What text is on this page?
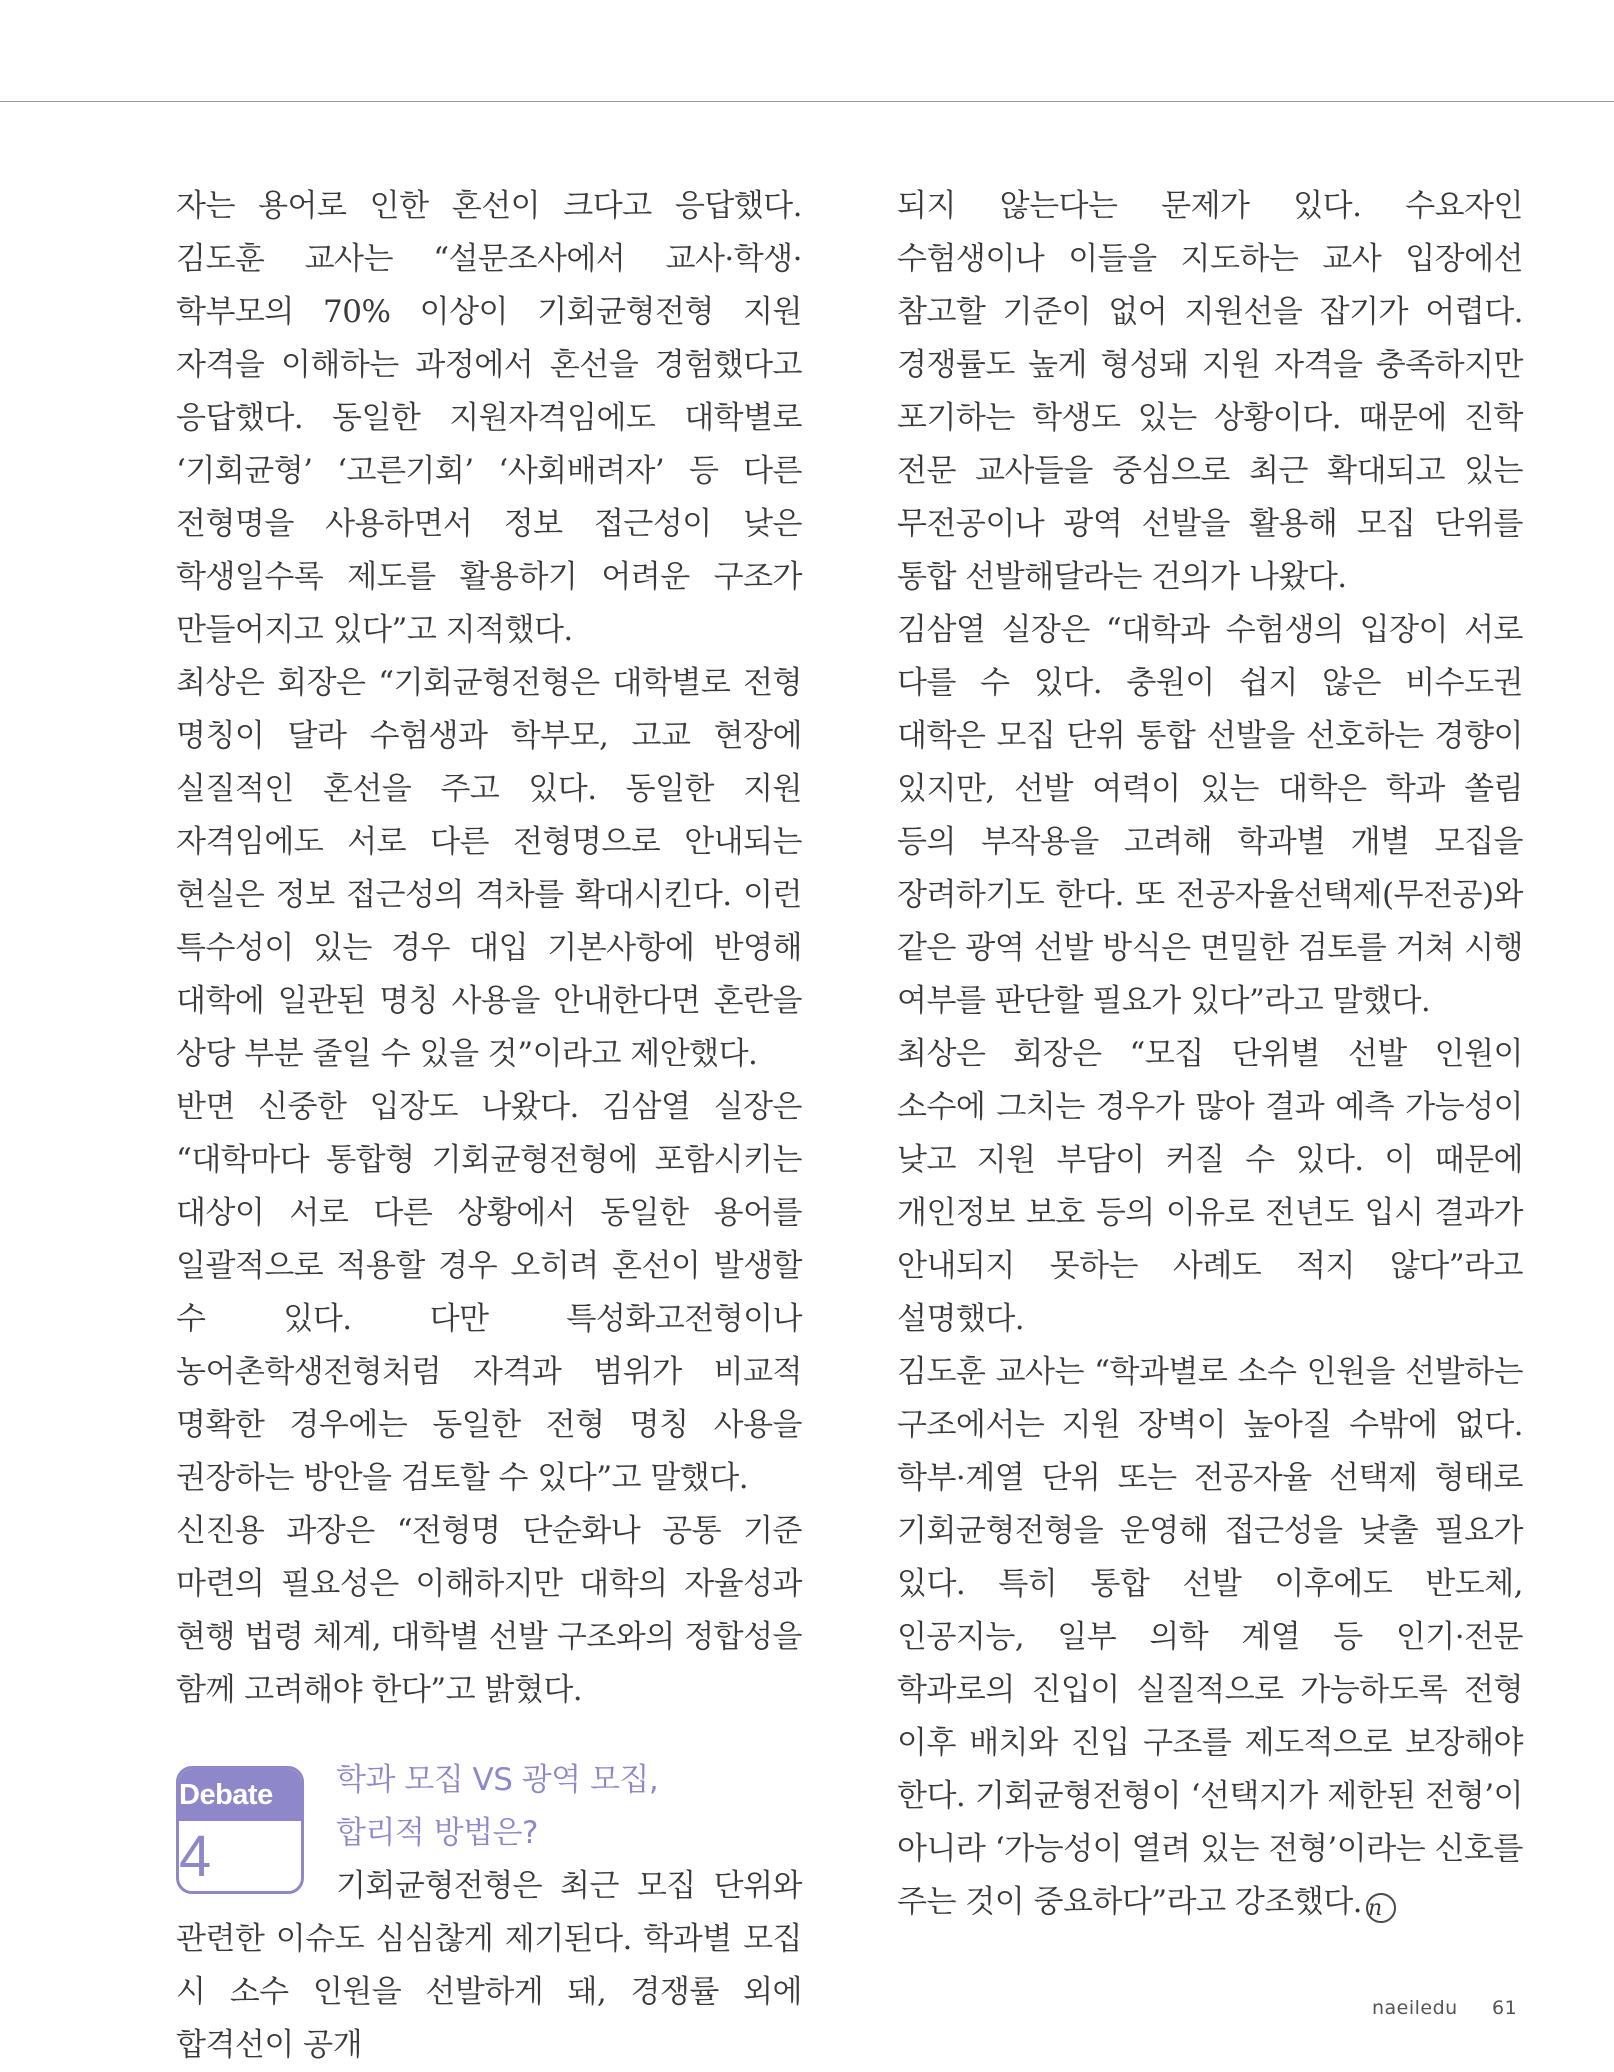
자는 용어로 인한 혼선이 크다고 응답했다. 김도훈 교사는 “설문조사에서 교사·학생·학부모의 70% 이상이 기회균형전형 지원 자격을 이해하는 과정에서 혼선을 경험했다고 응답했다. 동일한 지원자격임에도 대학별로 ‘기회균형’ ‘고른기회’ ‘사회배려자’ 등 다른 전형명을 사용하면서 정보 접근성이 낮은 학생일수록 제도를 활용하기 어려운 구조가 만들어지고 있다”고 지적했다.

최상은 회장은 “기회균형전형은 대학별로 전형 명칭이 달라 수험생과 학부모, 고교 현장에 실질적인 혼선을 주고 있다. 동일한 지원 자격임에도 서로 다른 전형명으로 안내되는 현실은 정보 접근성의 격차를 확대시킨다. 이런 특수성이 있는 경우 대입 기본사항에 반영해 대학에 일관된 명칭 사용을 안내한다면 혼란을 상당 부분 줄일 수 있을 것”이라고 제안했다.

반면 신중한 입장도 나왔다. 김삼열 실장은 “대학마다 통합형 기회균형전형에 포함시키는 대상이 서로 다른 상황에서 동일한 용어를 일괄적으로 적용할 경우 오히려 혼선이 발생할 수 있다. 다만 특성화고전형이나 농어촌학생전형처럼 자격과 범위가 비교적 명확한 경우에는 동일한 전형 명칭 사용을 권장하는 방안을 검토할 수 있다”고 말했다.

신진용 과장은 “전형명 단순화나 공통 기준 마련의 필요성은 이해하지만 대학의 자율성과 현행 법령 체계, 대학별 선발 구조와의 정합성을 함께 고려해야 한다”고 밝혔다.

Debate
4
학과 모집 VS 광역 모집,
합리적 방법은?

기회균형전형은 최근 모집 단위와 관련한 이슈도 심심찮게 제기된다. 학과별 모집 시 소수 인원을 선발하게 돼, 경쟁률 외에 합격선이 공개

되지 않는다는 문제가 있다. 수요자인 수험생이나 이들을 지도하는 교사 입장에선 참고할 기준이 없어 지원선을 잡기가 어렵다. 경쟁률도 높게 형성돼 지원 자격을 충족하지만 포기하는 학생도 있는 상황이다. 때문에 진학 전문 교사들을 중심으로 최근 확대되고 있는 무전공이나 광역 선발을 활용해 모집 단위를 통합 선발해달라는 건의가 나왔다.

김삼열 실장은 “대학과 수험생의 입장이 서로 다를 수 있다. 충원이 쉽지 않은 비수도권 대학은 모집 단위 통합 선발을 선호하는 경향이 있지만, 선발 여력이 있는 대학은 학과 쏠림 등의 부작용을 고려해 학과별 개별 모집을 장려하기도 한다. 또 전공자율선택제(무전공)와 같은 광역 선발 방식은 면밀한 검토를 거쳐 시행 여부를 판단할 필요가 있다”라고 말했다.

최상은 회장은 “모집 단위별 선발 인원이 소수에 그치는 경우가 많아 결과 예측 가능성이 낮고 지원 부담이 커질 수 있다. 이 때문에 개인정보 보호 등의 이유로 전년도 입시 결과가 안내되지 못하는 사례도 적지 않다”라고 설명했다.

김도훈 교사는 “학과별로 소수 인원을 선발하는 구조에서는 지원 장벽이 높아질 수밖에 없다. 학부·계열 단위 또는 전공자율 선택제 형태로 기회균형전형을 운영해 접근성을 낮출 필요가 있다. 특히 통합 선발 이후에도 반도체, 인공지능, 일부 의학 계열 등 인기·전문 학과로의 진입이 실질적으로 가능하도록 전형 이후 배치와 진입 구조를 제도적으로 보장해야 한다. 기회균형전형이 ‘선택지가 제한된 전형’이 아니라 ‘가능성이 열려 있는 전형’이라는 신호를 주는 것이 중요하다”라고 강조했다. n

naeiledu 61
